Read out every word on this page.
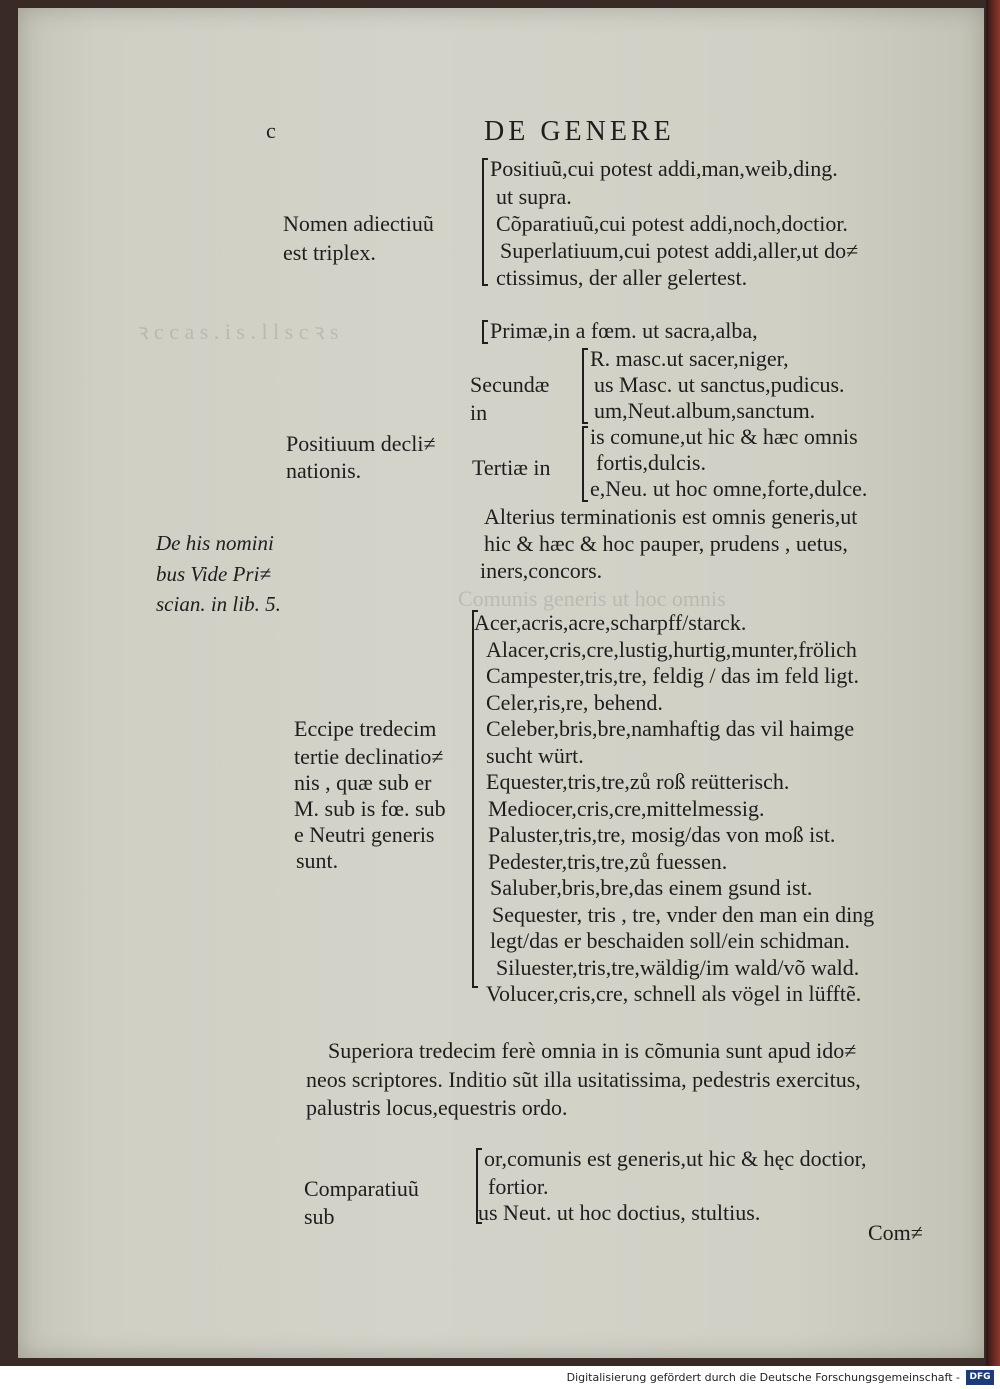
ꝛ c c a s . i s . l l s c ꝛ s
Comunis generis ut hoc omnis
c	DE GENERE
Nomen adiectiuũ
est triplex.
Positiuũ,cui potest addi,man,weib,ding.
ut supra.
Cõparatiuũ,cui potest addi,noch,doctior.
Superlatiuum,cui potest addi,aller,ut do≠
ctissimus, der aller gelertest.
Positiuum decli≠
nationis.
Primæ,in a fœm. ut sacra,alba,
Secundæ
in
R. masc.ut sacer,niger,
us Masc. ut sanctus,pudicus.
um,Neut.album,sanctum.
Tertiæ in
is comune,ut hic & hæc omnis
fortis,dulcis.
e,Neu. ut hoc omne,forte,dulce.
Alterius terminationis est omnis generis,ut
hic & hæc & hoc pauper, prudens , uetus,
iners,concors.
De his nomini
bus Vide Pri≠
scian. in lib. 5.
Eccipe tredecim
tertie declinatio≠
nis , quæ sub er
M. sub is fœ. sub
e Neutri generis
sunt.
Acer,acris,acre,scharpff/starck.
Alacer,cris,cre,lustig,hurtig,munter,frölich
Campester,tris,tre, feldig / das im feld ligt.
Celer,ris,re, behend.
Celeber,bris,bre,namhaftig das vil haimge
sucht würt.
Equester,tris,tre,zů roß reütterisch.
Mediocer,cris,cre,mittelmessig.
Paluster,tris,tre, mosig/das von moß ist.
Pedester,tris,tre,zů fuessen.
Saluber,bris,bre,das einem gsund ist.
Sequester, tris , tre, vnder den man ein ding
legt/das er beschaiden soll/ein schidman.
Siluester,tris,tre,wäldig/im wald/võ wald.
Volucer,cris,cre, schnell als vögel in lüfftẽ.
Superiora tredecim ferè omnia in is cõmunia sunt apud ido≠
neos scriptores. Inditio sũt illa usitatissima, pedestris exercitus,
palustris locus,equestris ordo.
Comparatiuũ
sub
or,comunis est generis,ut hic & hęc doctior,
fortior.
us Neut. ut hoc doctius, stultius.
Com≠
Digitalisierung gefördert durch die Deutsche Forschungsgemeinschaft -	DFG
